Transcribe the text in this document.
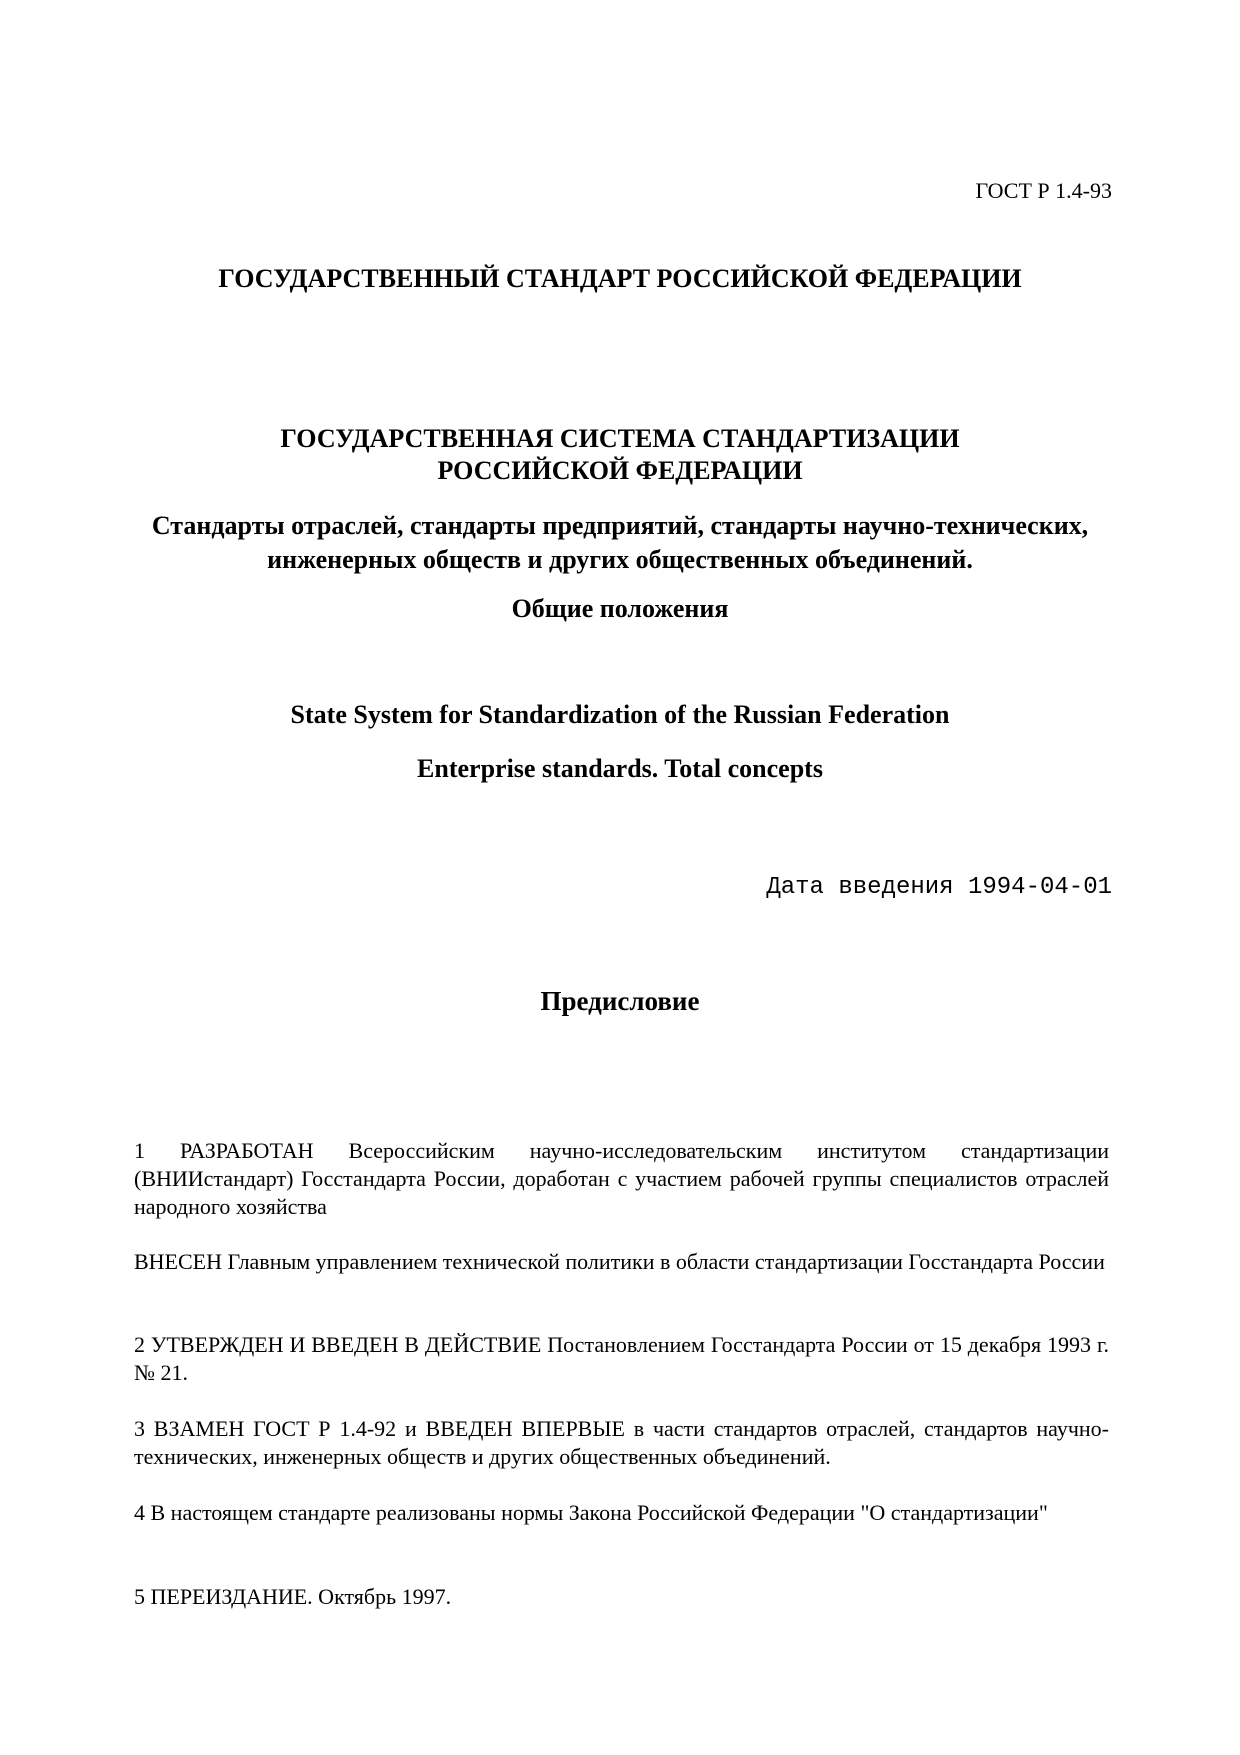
ГОСТ Р 1.4-93

ГОСУДАРСТВЕННЫЙ СТАНДАРТ РОССИЙСКОЙ ФЕДЕРАЦИИ

ГОСУДАРСТВЕННАЯ СИСТЕМА СТАНДАРТИЗАЦИИ
РОССИЙСКОЙ ФЕДЕРАЦИИ

Стандарты отраслей, стандарты предприятий, стандарты научно-технических, инженерных обществ и других общественных объединений.

Общие положения

State System for Standardization of the Russian Federation

Enterprise standards. Total concepts

Дата введения 1994-04-01

Предисловие

1 РАЗРАБОТАН Всероссийским научно-исследовательским институтом стандартизации (ВНИИстандарт) Госстандарта России, доработан с участием рабочей группы специалистов отраслей народного хозяйства

ВНЕСЕН Главным управлением технической политики в области стандартизации Госстандарта России

2 УТВЕРЖДЕН И ВВЕДЕН В ДЕЙСТВИЕ Постановлением Госстандарта России от 15 декабря 1993 г. № 21.

3 ВЗАМЕН ГОСТ Р 1.4-92 и ВВЕДЕН ВПЕРВЫЕ в части стандартов отраслей, стандартов научно-технических, инженерных обществ и других общественных объединений.

4 В настоящем стандарте реализованы нормы Закона Российской Федерации "О стандартизации"

5 ПЕРЕИЗДАНИЕ. Октябрь 1997.
